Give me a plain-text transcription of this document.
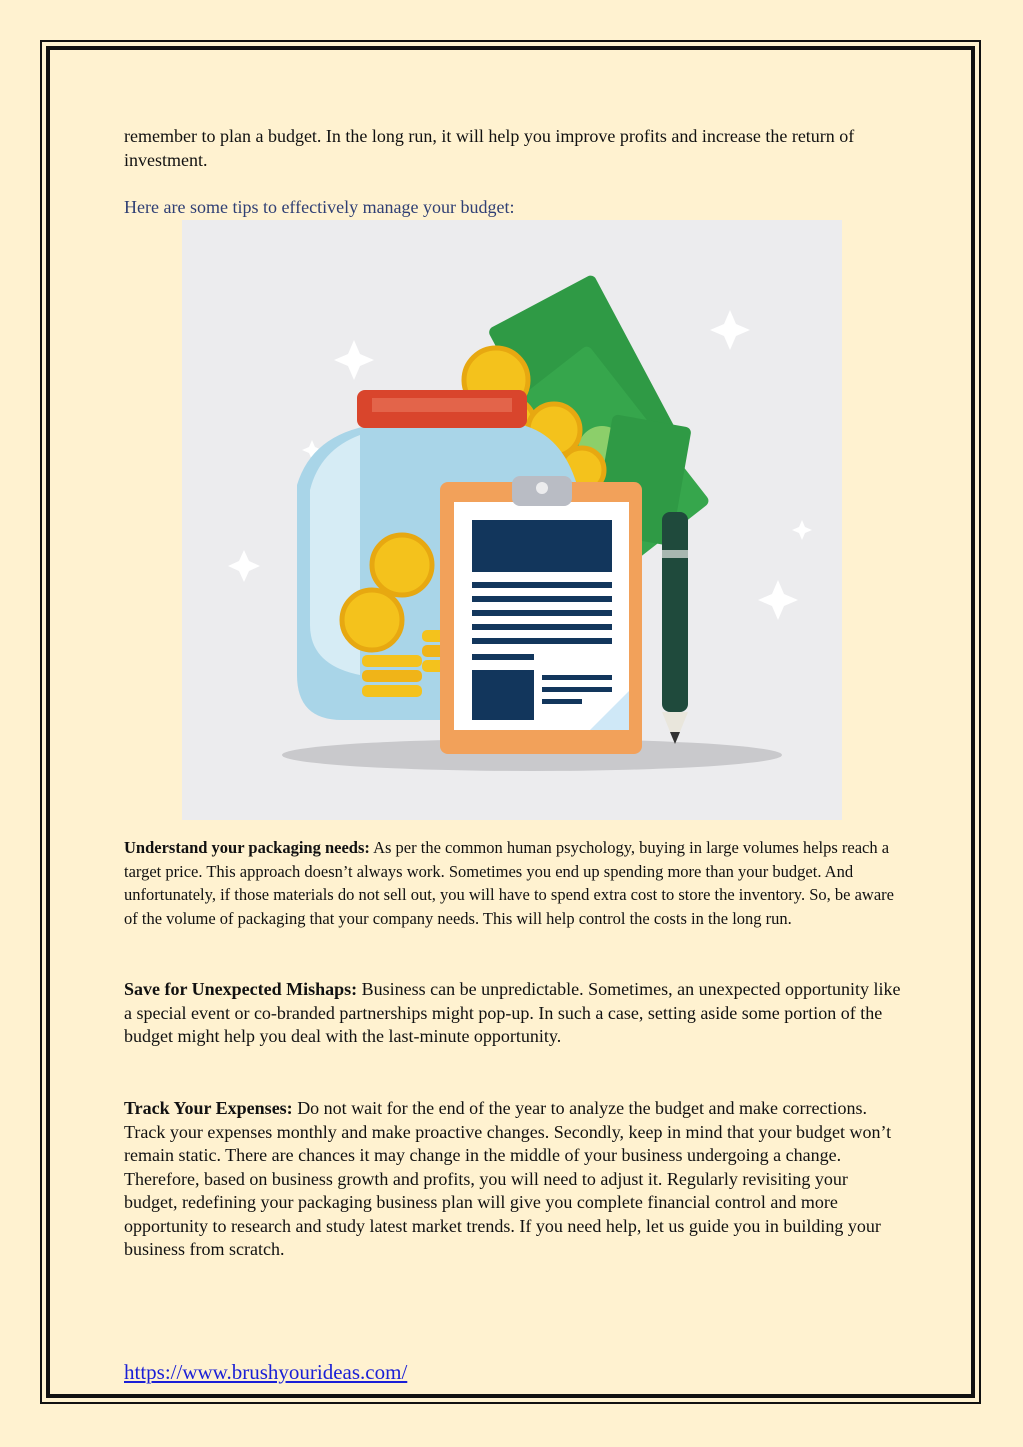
remember to plan a budget. In the long run, it will help you improve profits and increase the return of investment.

Here are some tips to effectively manage your budget:

Understand your packaging needs: As per the common human psychology, buying in large volumes helps reach a target price. This approach doesn’t always work. Sometimes you end up spending more than your budget. And unfortunately, if those materials do not sell out, you will have to spend extra cost to store the inventory. So, be aware of the volume of packaging that your company needs. This will help control the costs in the long run.

Save for Unexpected Mishaps: Business can be unpredictable. Sometimes, an unexpected opportunity like a special event or co-branded partnerships might pop-up. In such a case, setting aside some portion of the budget might help you deal with the last-minute opportunity.

Track Your Expenses: Do not wait for the end of the year to analyze the budget and make corrections. Track your expenses monthly and make proactive changes. Secondly, keep in mind that your budget won’t remain static. There are chances it may change in the middle of your business undergoing a change. Therefore, based on business growth and profits, you will need to adjust it. Regularly revisiting your budget, redefining your packaging business plan will give you complete financial control and more opportunity to research and study latest market trends. If you need help, let us guide you in building your business from scratch.

https://www.brushyourideas.com/
